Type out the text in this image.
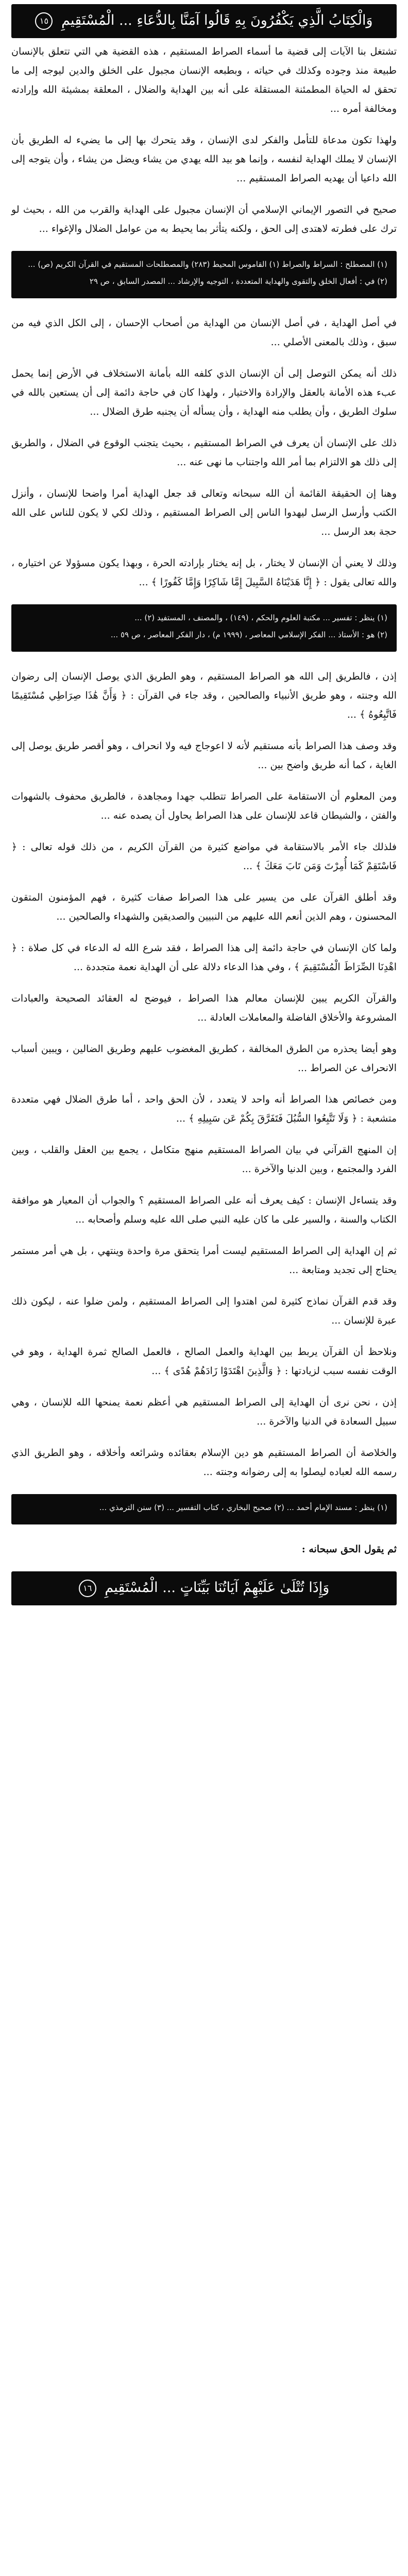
وَالْكِتَابُ الَّذِي يَكْفُرُونَ بِهِ قَالُوا آمَنَّا بِالدُّعَاءِ ... الْمُسْتَقِيمِ ١٥

تشتغل بنا الآيات إلى قضية ما أسماء الصراط المستقيم ، هذه القضية هي التي تتعلق بالإنسان طبيعة منذ وجوده وكذلك في حياته ، وبطبعه الإنسان مجبول على الخلق والدين ليوجه إلى ما تحقق له الحياة المطمئنة المستقلة على أنه بين الهداية والضلال ، المعلقة بمشيئة الله وإرادته ومخالفة أمره ...

ولهذا تكون مدعاة للتأمل والفكر لدى الإنسان ، وقد يتحرك بها إلى ما يضيء له الطريق بأن الإنسان لا يملك الهداية لنفسه ، وإنما هو بيد الله يهدي من يشاء ويضل من يشاء ، وأن يتوجه إلى الله داعيا أن يهديه الصراط المستقيم ...

صحيح في التصور الإيماني الإسلامي أن الإنسان مجبول على الهداية والقرب من الله ، بحيث لو ترك على فطرته لاهتدى إلى الحق ، ولكنه يتأثر بما يحيط به من عوامل الضلال والإغواء ...

(١) المصطلح : السراط والصراط (١) القاموس المحيط (٢٨٣) والمصطلحات المستقيم في القرآن الكريم (ص) ...

(٢) في : أفعال الخلق والتقوى والهداية المتعددة ، التوجيه والإرشاد ... المصدر السابق ، ص ٢٩

في أصل الهداية ، في أصل الإنسان من الهداية من أصحاب الإحسان ، إلى الكل الذي فيه من سبق ، وذلك بالمعنى الأصلي ...

ذلك أنه يمكن التوصل إلى أن الإنسان الذي كلفه الله بأمانة الاستخلاف في الأرض إنما يحمل عبء هذه الأمانة بالعقل والإرادة والاختيار ، ولهذا كان في حاجة دائمة إلى أن يستعين بالله في سلوك الطريق ، وأن يطلب منه الهداية ، وأن يسأله أن يجنبه طرق الضلال ...

ذلك على الإنسان أن يعرف في الصراط المستقيم ، بحيث يتجنب الوقوع في الضلال ، والطريق إلى ذلك هو الالتزام بما أمر الله واجتناب ما نهى عنه ...

وهنا إن الحقيقة القائمة أن الله سبحانه وتعالى قد جعل الهداية أمرا واضحا للإنسان ، وأنزل الكتب وأرسل الرسل ليهدوا الناس إلى الصراط المستقيم ، وذلك لكي لا يكون للناس على الله حجة بعد الرسل ...

وذلك لا يعني أن الإنسان لا يختار ، بل إنه يختار بإرادته الحرة ، وبهذا يكون مسؤولا عن اختياره ، والله تعالى يقول : ﴿ إِنَّا هَدَيْنَاهُ السَّبِيلَ إِمَّا شَاكِرًا وَإِمَّا كَفُورًا ﴾ ...

(١) ينظر : تفسير ... مكتبة العلوم والحكم ، (١٤٩) ، والمصنف ، المستفيد (٢) ...

(٢) هو : الأستاذ ... الفكر الإسلامي المعاصر ، (١٩٩٩ م) ، دار الفكر المعاصر ، ص ٥٩ ...

إذن ، فالطريق إلى الله هو الصراط المستقيم ، وهو الطريق الذي يوصل الإنسان إلى رضوان الله وجنته ، وهو طريق الأنبياء والصالحين ، وقد جاء في القرآن : ﴿ وَأَنَّ هَٰذَا صِرَاطِي مُسْتَقِيمًا فَاتَّبِعُوهُ ﴾ ...

وقد وصف هذا الصراط بأنه مستقيم لأنه لا اعوجاج فيه ولا انحراف ، وهو أقصر طريق يوصل إلى الغاية ، كما أنه طريق واضح بين ...

ومن المعلوم أن الاستقامة على الصراط تتطلب جهدا ومجاهدة ، فالطريق محفوف بالشهوات والفتن ، والشيطان قاعد للإنسان على هذا الصراط يحاول أن يصده عنه ...

فلذلك جاء الأمر بالاستقامة في مواضع كثيرة من القرآن الكريم ، من ذلك قوله تعالى : ﴿ فَاسْتَقِمْ كَمَا أُمِرْتَ وَمَن تَابَ مَعَكَ ﴾ ...

وقد أطلق القرآن على من يسير على هذا الصراط صفات كثيرة ، فهم المؤمنون المتقون المحسنون ، وهم الذين أنعم الله عليهم من النبيين والصديقين والشهداء والصالحين ...

ولما كان الإنسان في حاجة دائمة إلى هذا الصراط ، فقد شرع الله له الدعاء في كل صلاة : ﴿ اهْدِنَا الصِّرَاطَ الْمُسْتَقِيمَ ﴾ ، وفي هذا الدعاء دلالة على أن الهداية نعمة متجددة ...

والقرآن الكريم يبين للإنسان معالم هذا الصراط ، فيوضح له العقائد الصحيحة والعبادات المشروعة والأخلاق الفاضلة والمعاملات العادلة ...

وهو أيضا يحذره من الطرق المخالفة ، كطريق المغضوب عليهم وطريق الضالين ، ويبين أسباب الانحراف عن الصراط ...

ومن خصائص هذا الصراط أنه واحد لا يتعدد ، لأن الحق واحد ، أما طرق الضلال فهي متعددة متشعبة : ﴿ وَلَا تَتَّبِعُوا السُّبُلَ فَتَفَرَّقَ بِكُمْ عَن سَبِيلِهِ ﴾ ...

إن المنهج القرآني في بيان الصراط المستقيم منهج متكامل ، يجمع بين العقل والقلب ، وبين الفرد والمجتمع ، وبين الدنيا والآخرة ...

وقد يتساءل الإنسان : كيف يعرف أنه على الصراط المستقيم ؟ والجواب أن المعيار هو موافقة الكتاب والسنة ، والسير على ما كان عليه النبي صلى الله عليه وسلم وأصحابه ...

ثم إن الهداية إلى الصراط المستقيم ليست أمرا يتحقق مرة واحدة وينتهي ، بل هي أمر مستمر يحتاج إلى تجديد ومتابعة ...

وقد قدم القرآن نماذج كثيرة لمن اهتدوا إلى الصراط المستقيم ، ولمن ضلوا عنه ، ليكون ذلك عبرة للإنسان ...

ونلاحظ أن القرآن يربط بين الهداية والعمل الصالح ، فالعمل الصالح ثمرة الهداية ، وهو في الوقت نفسه سبب لزيادتها : ﴿ وَالَّذِينَ اهْتَدَوْا زَادَهُمْ هُدًى ﴾ ...

إذن ، نحن نرى أن الهداية إلى الصراط المستقيم هي أعظم نعمة يمنحها الله للإنسان ، وهي سبيل السعادة في الدنيا والآخرة ...

والخلاصة أن الصراط المستقيم هو دين الإسلام بعقائده وشرائعه وأخلاقه ، وهو الطريق الذي رسمه الله لعباده ليصلوا به إلى رضوانه وجنته ...

(١) ينظر : مسند الإمام أحمد ... (٢) صحيح البخاري ، كتاب التفسير ... (٣) سنن الترمذي ...

ثم يقول الحق سبحانه :

وَإِذَا تُتْلَىٰ عَلَيْهِمْ آيَاتُنَا بَيِّنَاتٍ ... الْمُسْتَقِيمِ ١٦
